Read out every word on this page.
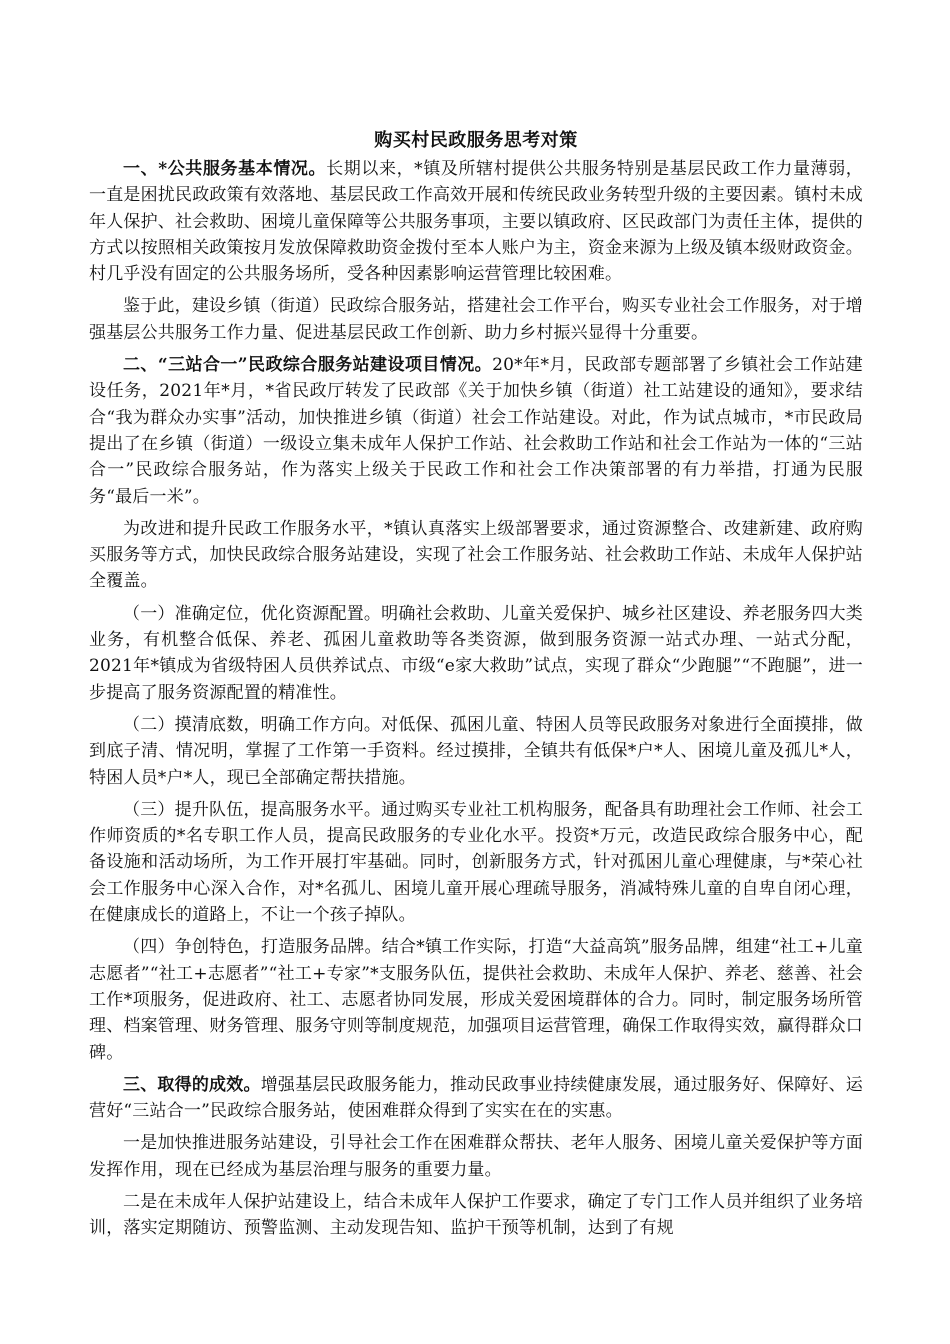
购买村民政服务思考对策

一、*公共服务基本情况。长期以来，*镇及所辖村提供公共服务特别是基层民政工作力量薄弱，一直是困扰民政政策有效落地、基层民政工作高效开展和传统民政业务转型升级的主要因素。镇村未成年人保护、社会救助、困境儿童保障等公共服务事项，主要以镇政府、区民政部门为责任主体，提供的方式以按照相关政策按月发放保障救助资金拨付至本人账户为主，资金来源为上级及镇本级财政资金。村几乎没有固定的公共服务场所，受各种因素影响运营管理比较困难。

鉴于此，建设乡镇（街道）民政综合服务站，搭建社会工作平台，购买专业社会工作服务，对于增强基层公共服务工作力量、促进基层民政工作创新、助力乡村振兴显得十分重要。

二、“三站合一”民政综合服务站建设项目情况。20*年*月，民政部专题部署了乡镇社会工作站建设任务，2021年*月，*省民政厅转发了民政部《关于加快乡镇（街道）社工站建设的通知》，要求结合“我为群众办实事”活动，加快推进乡镇（街道）社会工作站建设。对此，作为试点城市，*市民政局提出了在乡镇（街道）一级设立集未成年人保护工作站、社会救助工作站和社会工作站为一体的“三站合一”民政综合服务站，作为落实上级关于民政工作和社会工作决策部署的有力举措，打通为民服务“最后一米”。

为改进和提升民政工作服务水平，*镇认真落实上级部署要求，通过资源整合、改建新建、政府购买服务等方式，加快民政综合服务站建设，实现了社会工作服务站、社会救助工作站、未成年人保护站全覆盖。

（一）准确定位，优化资源配置。明确社会救助、儿童关爱保护、城乡社区建设、养老服务四大类业务，有机整合低保、养老、孤困儿童救助等各类资源，做到服务资源一站式办理、一站式分配，2021年*镇成为省级特困人员供养试点、市级“e家大救助”试点，实现了群众“少跑腿”“不跑腿”，进一步提高了服务资源配置的精准性。

（二）摸清底数，明确工作方向。对低保、孤困儿童、特困人员等民政服务对象进行全面摸排，做到底子清、情况明，掌握了工作第一手资料。经过摸排，全镇共有低保*户*人、困境儿童及孤儿*人，特困人员*户*人，现已全部确定帮扶措施。

（三）提升队伍，提高服务水平。通过购买专业社工机构服务，配备具有助理社会工作师、社会工作师资质的*名专职工作人员，提高民政服务的专业化水平。投资*万元，改造民政综合服务中心，配备设施和活动场所，为工作开展打牢基础。同时，创新服务方式，针对孤困儿童心理健康，与*荣心社会工作服务中心深入合作，对*名孤儿、困境儿童开展心理疏导服务，消减特殊儿童的自卑自闭心理，在健康成长的道路上，不让一个孩子掉队。

（四）争创特色，打造服务品牌。结合*镇工作实际，打造“大益高筑”服务品牌，组建“社工+儿童志愿者”“社工+志愿者”“社工+专家”*支服务队伍，提供社会救助、未成年人保护、养老、慈善、社会工作*项服务，促进政府、社工、志愿者协同发展，形成关爱困境群体的合力。同时，制定服务场所管理、档案管理、财务管理、服务守则等制度规范，加强项目运营管理，确保工作取得实效，赢得群众口碑。

三、取得的成效。增强基层民政服务能力，推动民政事业持续健康发展，通过服务好、保障好、运营好“三站合一”民政综合服务站，使困难群众得到了实实在在的实惠。

一是加快推进服务站建设，引导社会工作在困难群众帮扶、老年人服务、困境儿童关爱保护等方面发挥作用，现在已经成为基层治理与服务的重要力量。

二是在未成年人保护站建设上，结合未成年人保护工作要求，确定了专门工作人员并组织了业务培训，落实定期随访、预警监测、主动发现告知、监护干预等机制，达到了有规
